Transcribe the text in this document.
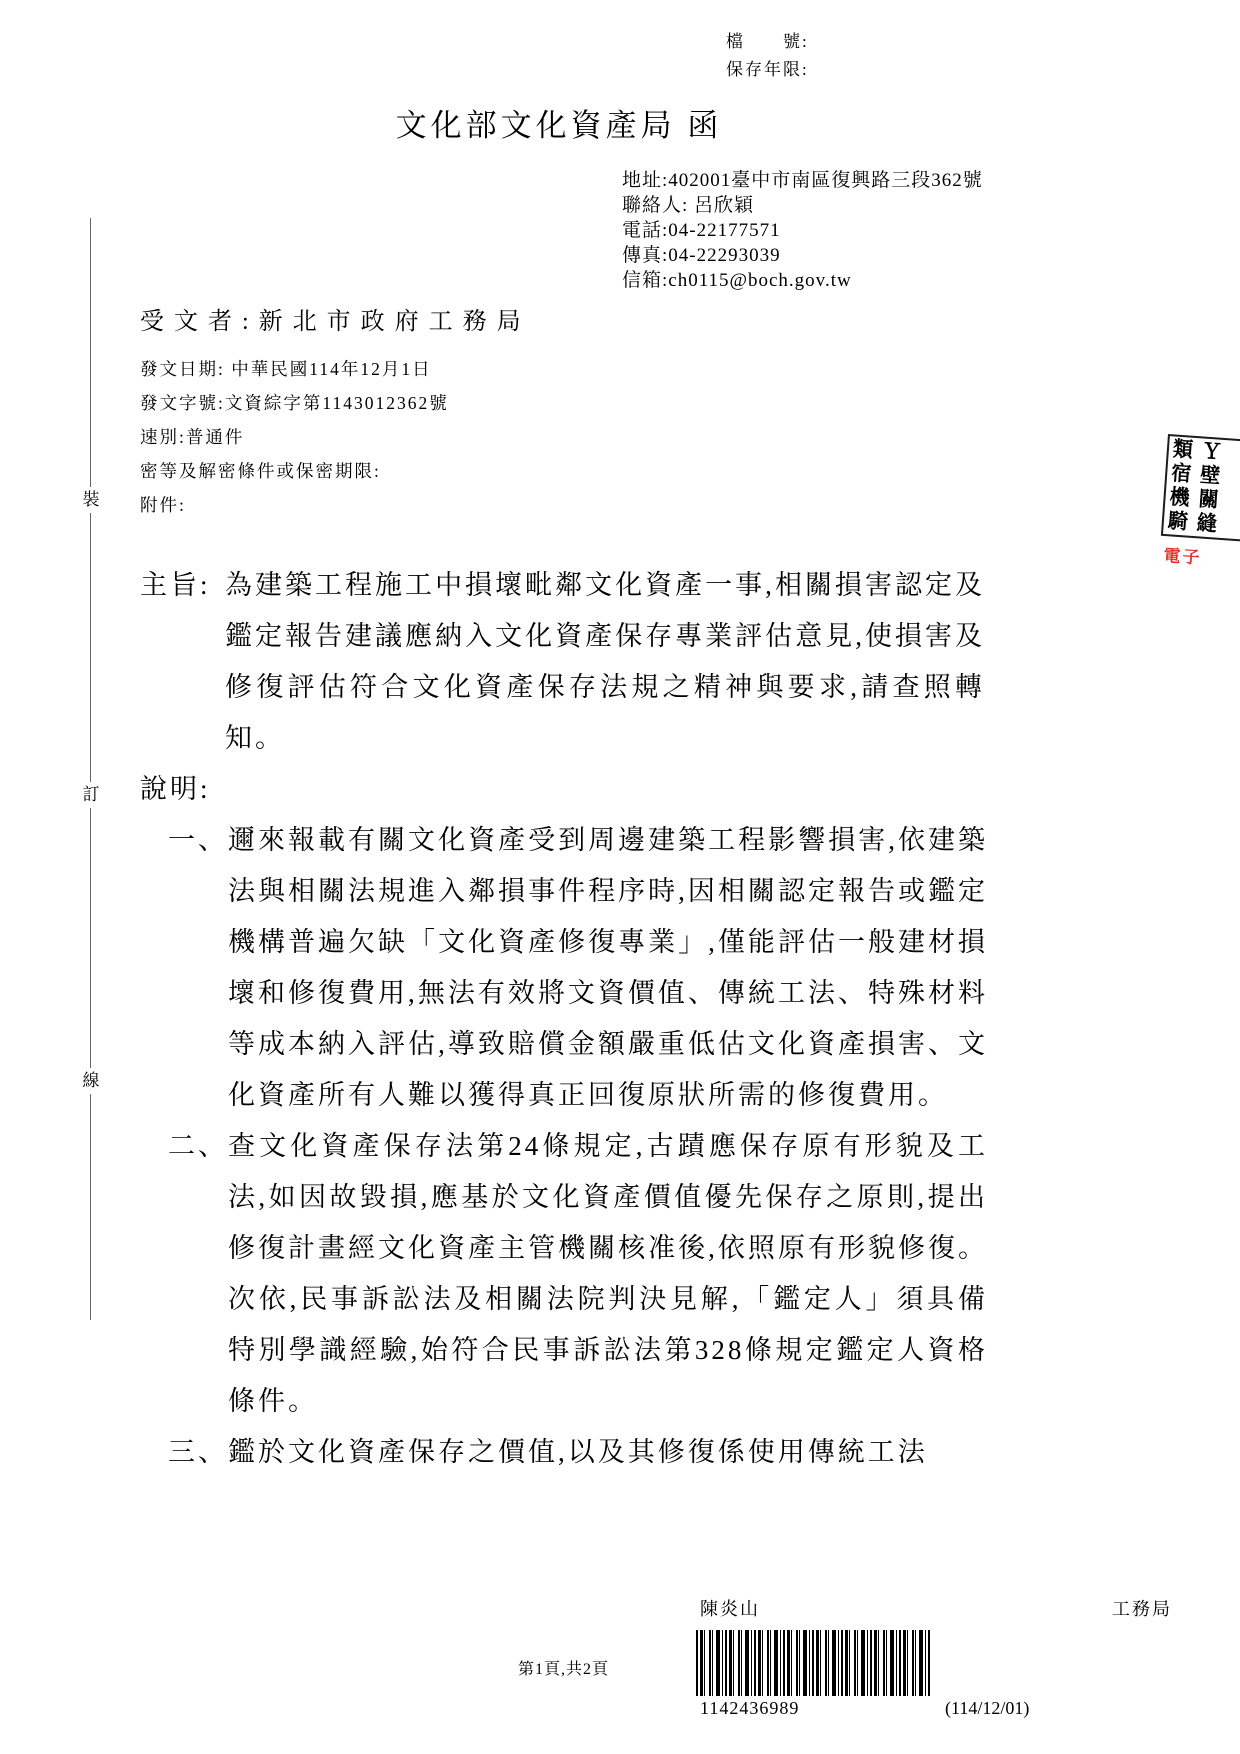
檔　　號:
保存年限:
文化部文化資產局 函
地址:402001臺中市南區復興路三段362號
聯絡人: 呂欣穎
電話:04-22177571
傳真:04-22293039
信箱:ch0115@boch.gov.tw
受文者:新北市政府工務局
發文日期: 中華民國114年12月1日
發文字號:文資綜字第1143012362號
速別:普通件
密等及解密條件或保密期限:
附件:
主旨: 為建築工程施工中損壞毗鄰文化資產一事,相關損害認定及鑑定報告建議應納入文化資產保存專業評估意見,使損害及修復評估符合文化資產保存法規之精神與要求,請查照轉知。
說明:
一、 邇來報載有關文化資產受到周邊建築工程影響損害,依建築法與相關法規進入鄰損事件程序時,因相關認定報告或鑑定機構普遍欠缺「文化資產修復專業」,僅能評估一般建材損壞和修復費用,無法有效將文資價值、傳統工法、特殊材料等成本納入評估,導致賠償金額嚴重低估文化資產損害、文化資產所有人難以獲得真正回復原狀所需的修復費用。
二、 查文化資產保存法第24條規定,古蹟應保存原有形貌及工法,如因故毀損,應基於文化資產價值優先保存之原則,提出修復計畫經文化資產主管機關核准後,依照原有形貌修復。次依,民事訴訟法及相關法院判決見解,「鑑定人」須具備特別學識經驗,始符合民事訴訟法第328條規定鑑定人資格條件。
三、 鑑於文化資產保存之價值,以及其修復係使用傳統工法
裝
訂
線
類Ｙ
宿壁
機關
騎縫
電子
陳炎山	工務局
第1頁,共2頁
1142436989	(114/12/01)
